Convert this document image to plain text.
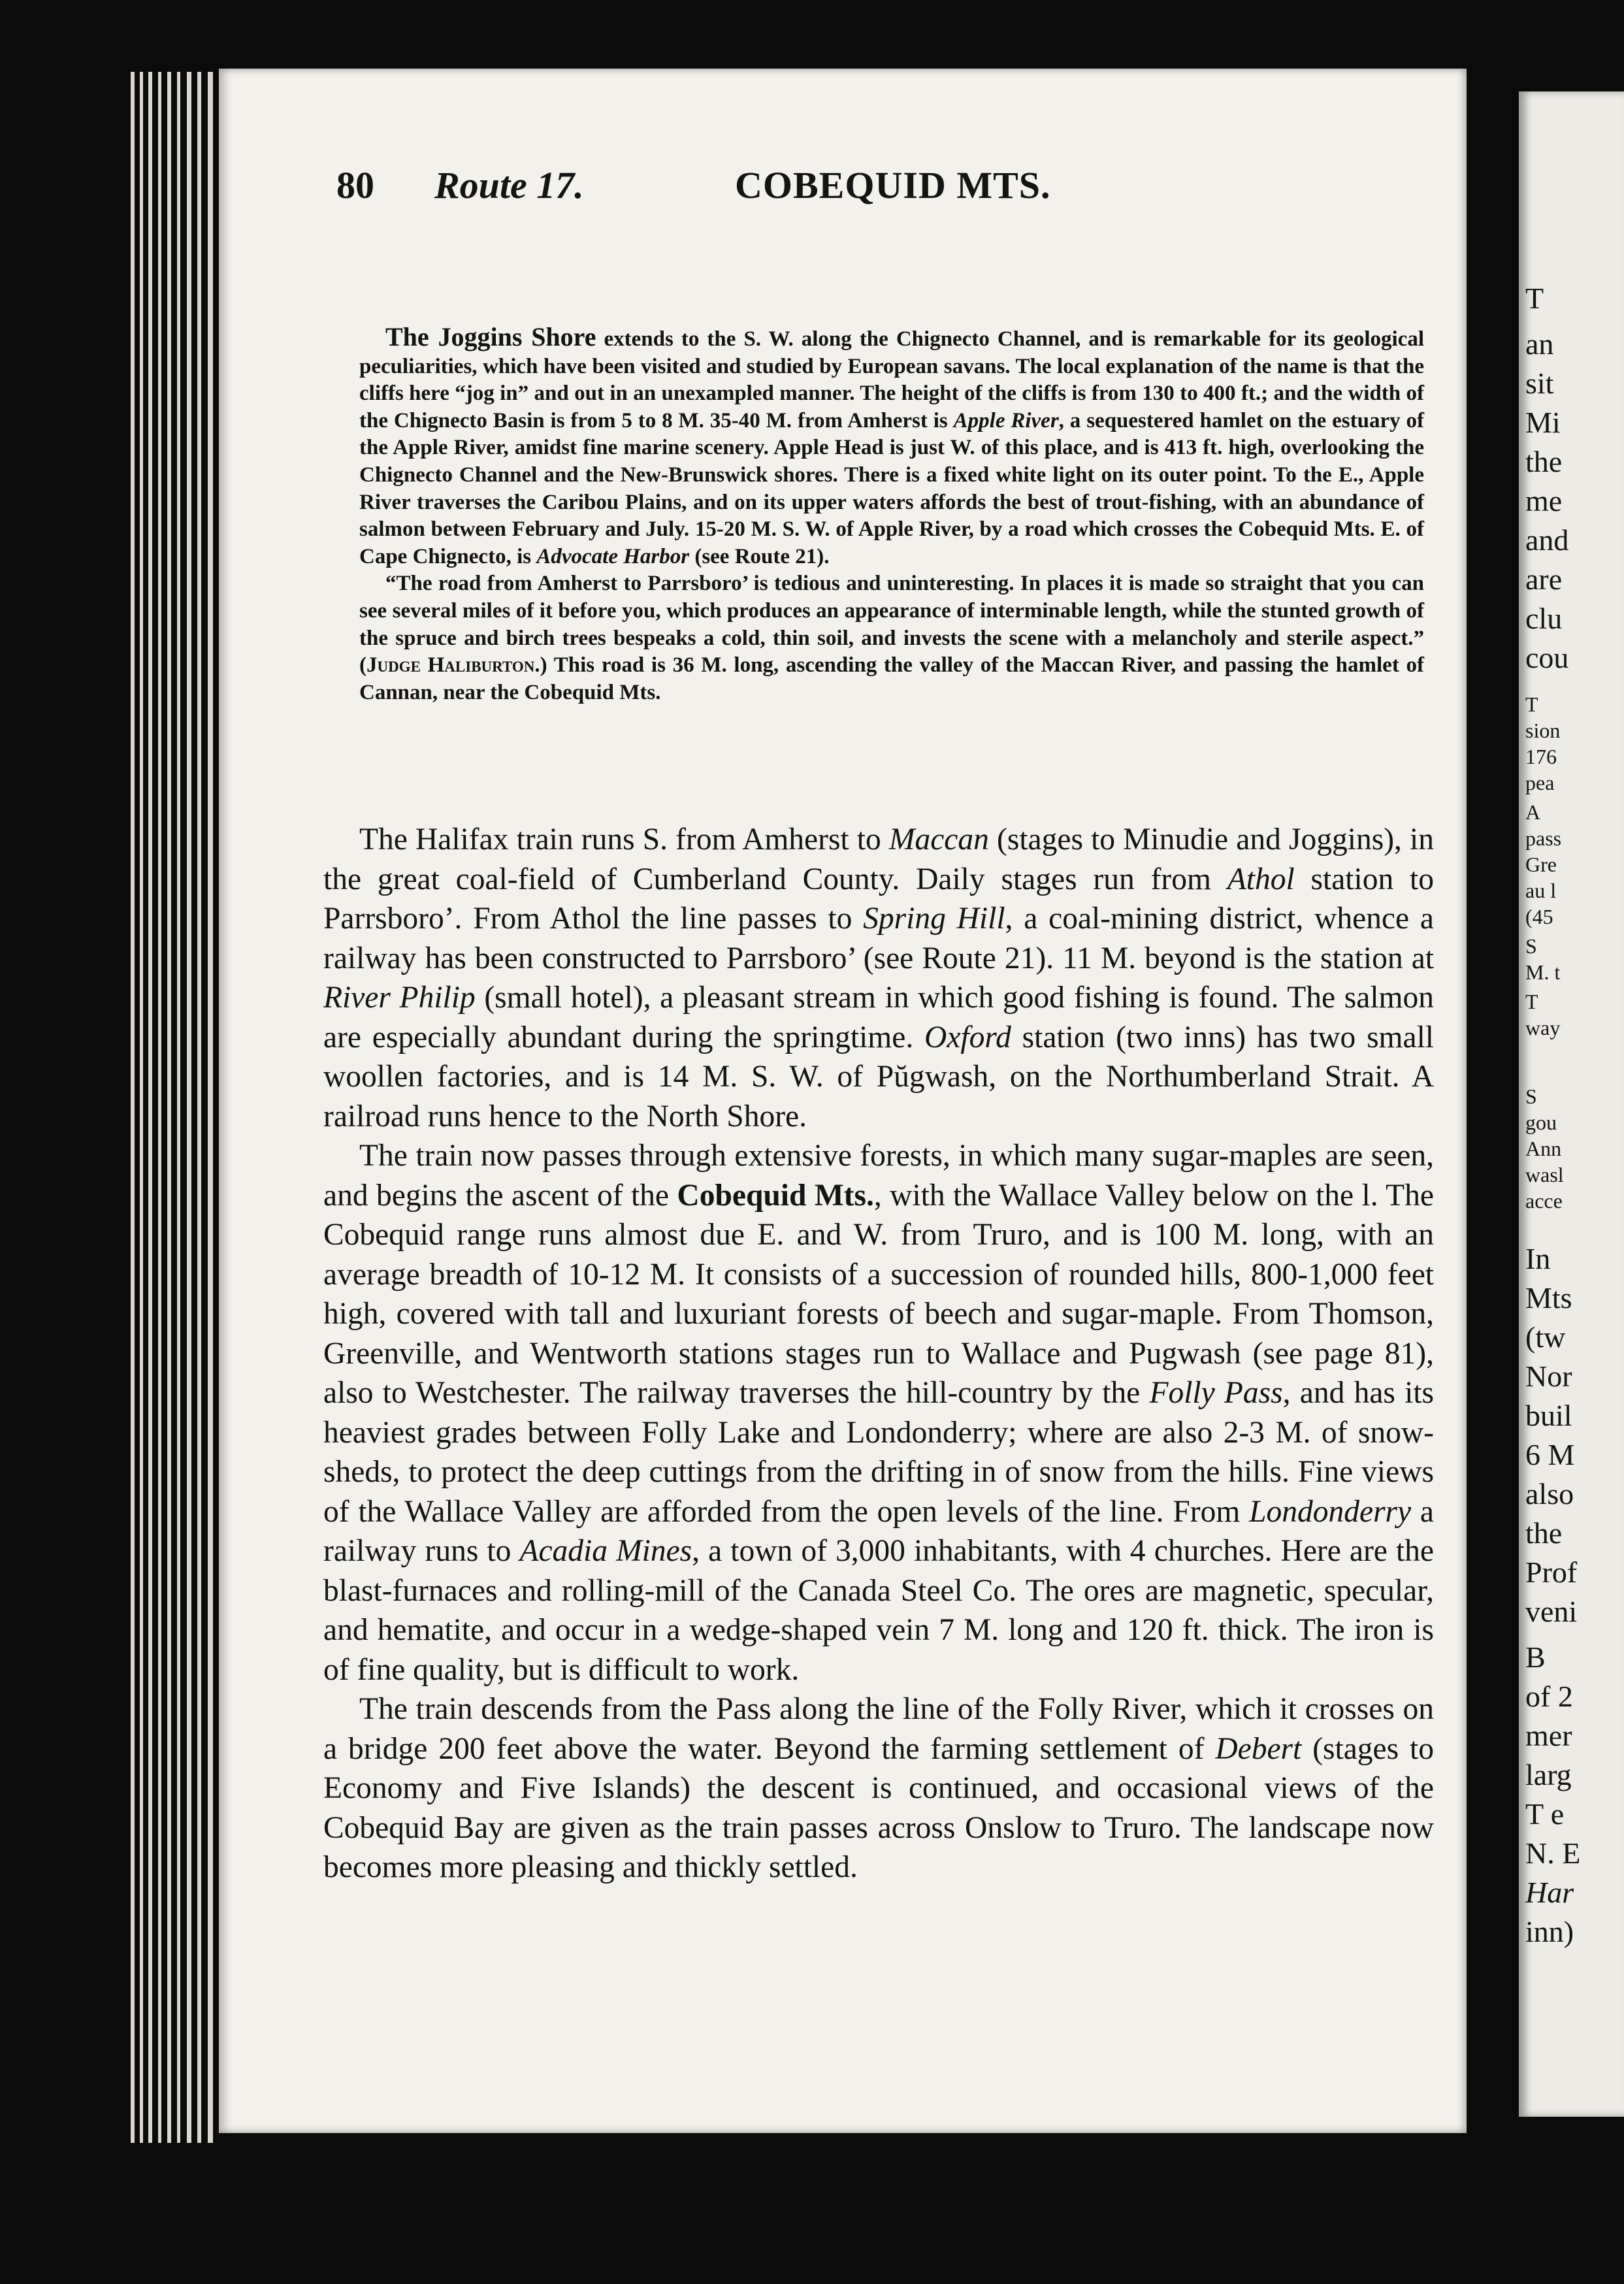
80 Route 17.	COBEQUID MTS.

The Joggins Shore extends to the S. W. along the Chignecto Channel, and is remarkable for its geological peculiarities, which have been visited and studied by European savans. The local explanation of the name is that the cliffs here “jog in” and out in an unexampled manner. The height of the cliffs is from 130 to 400 ft.; and the width of the Chignecto Basin is from 5 to 8 M. 35-40 M. from Amherst is Apple River, a sequestered hamlet on the estuary of the Apple River, amidst fine marine scenery. Apple Head is just W. of this place, and is 413 ft. high, overlooking the Chignecto Channel and the New-Brunswick shores. There is a fixed white light on its outer point. To the E., Apple River traverses the Caribou Plains, and on its upper waters affords the best of trout-fishing, with an abundance of salmon between February and July. 15-20 M. S. W. of Apple River, by a road which crosses the Cobequid Mts. E. of Cape Chignecto, is Advocate Harbor (see Route 21).

“The road from Amherst to Parrsboro’ is tedious and uninteresting. In places it is made so straight that you can see several miles of it before you, which produces an appearance of interminable length, while the stunted growth of the spruce and birch trees bespeaks a cold, thin soil, and invests the scene with a melancholy and sterile aspect.” (Judge Haliburton.) This road is 36 M. long, ascending the valley of the Maccan River, and passing the hamlet of Cannan, near the Cobequid Mts.

The Halifax train runs S. from Amherst to Maccan (stages to Minudie and Joggins), in the great coal-field of Cumberland County. Daily stages run from Athol station to Parrsboro’. From Athol the line passes to Spring Hill, a coal-mining district, whence a railway has been constructed to Parrsboro’ (see Route 21). 11 M. beyond is the station at River Philip (small hotel), a pleasant stream in which good fishing is found. The salmon are especially abundant during the springtime. Oxford station (two inns) has two small woollen factories, and is 14 M. S. W. of Pŭgwash, on the Northumberland Strait. A railroad runs hence to the North Shore.

The train now passes through extensive forests, in which many sugar-maples are seen, and begins the ascent of the Cobequid Mts., with the Wallace Valley below on the l. The Cobequid range runs almost due E. and W. from Truro, and is 100 M. long, with an average breadth of 10-12 M. It consists of a succession of rounded hills, 800-1,000 feet high, covered with tall and luxuriant forests of beech and sugar-maple. From Thomson, Greenville, and Wentworth stations stages run to Wallace and Pugwash (see page 81), also to Westchester. The railway traverses the hill-country by the Folly Pass, and has its heaviest grades between Folly Lake and Londonderry; where are also 2-3 M. of snow-sheds, to protect the deep cuttings from the drifting in of snow from the hills. Fine views of the Wallace Valley are afforded from the open levels of the line. From Londonderry a railway runs to Acadia Mines, a town of 3,000 inhabitants, with 4 churches. Here are the blast-furnaces and rolling-mill of the Canada Steel Co. The ores are magnetic, specular, and hematite, and occur in a wedge-shaped vein 7 M. long and 120 ft. thick. The iron is of fine quality, but is difficult to work.

The train descends from the Pass along the line of the Folly River, which it crosses on a bridge 200 feet above the water. Beyond the farming settlement of Debert (stages to Economy and Five Islands) the descent is continued, and occasional views of the Cobequid Bay are given as the train passes across Onslow to Truro. The landscape now becomes more pleasing and thickly settled.

T
an
sit
Mi
the
me
and
are
clu
cou
T
sion
176
pea
A
pass
Gre
au l
(45
S
M. t
T
way
S
gou
Ann
wasl
acce
In
Mts
(tw
Nor
buil
6 M
also
the
Prof
veni
B
of 2
mer
larg
T e
N. E
Har
inn)
